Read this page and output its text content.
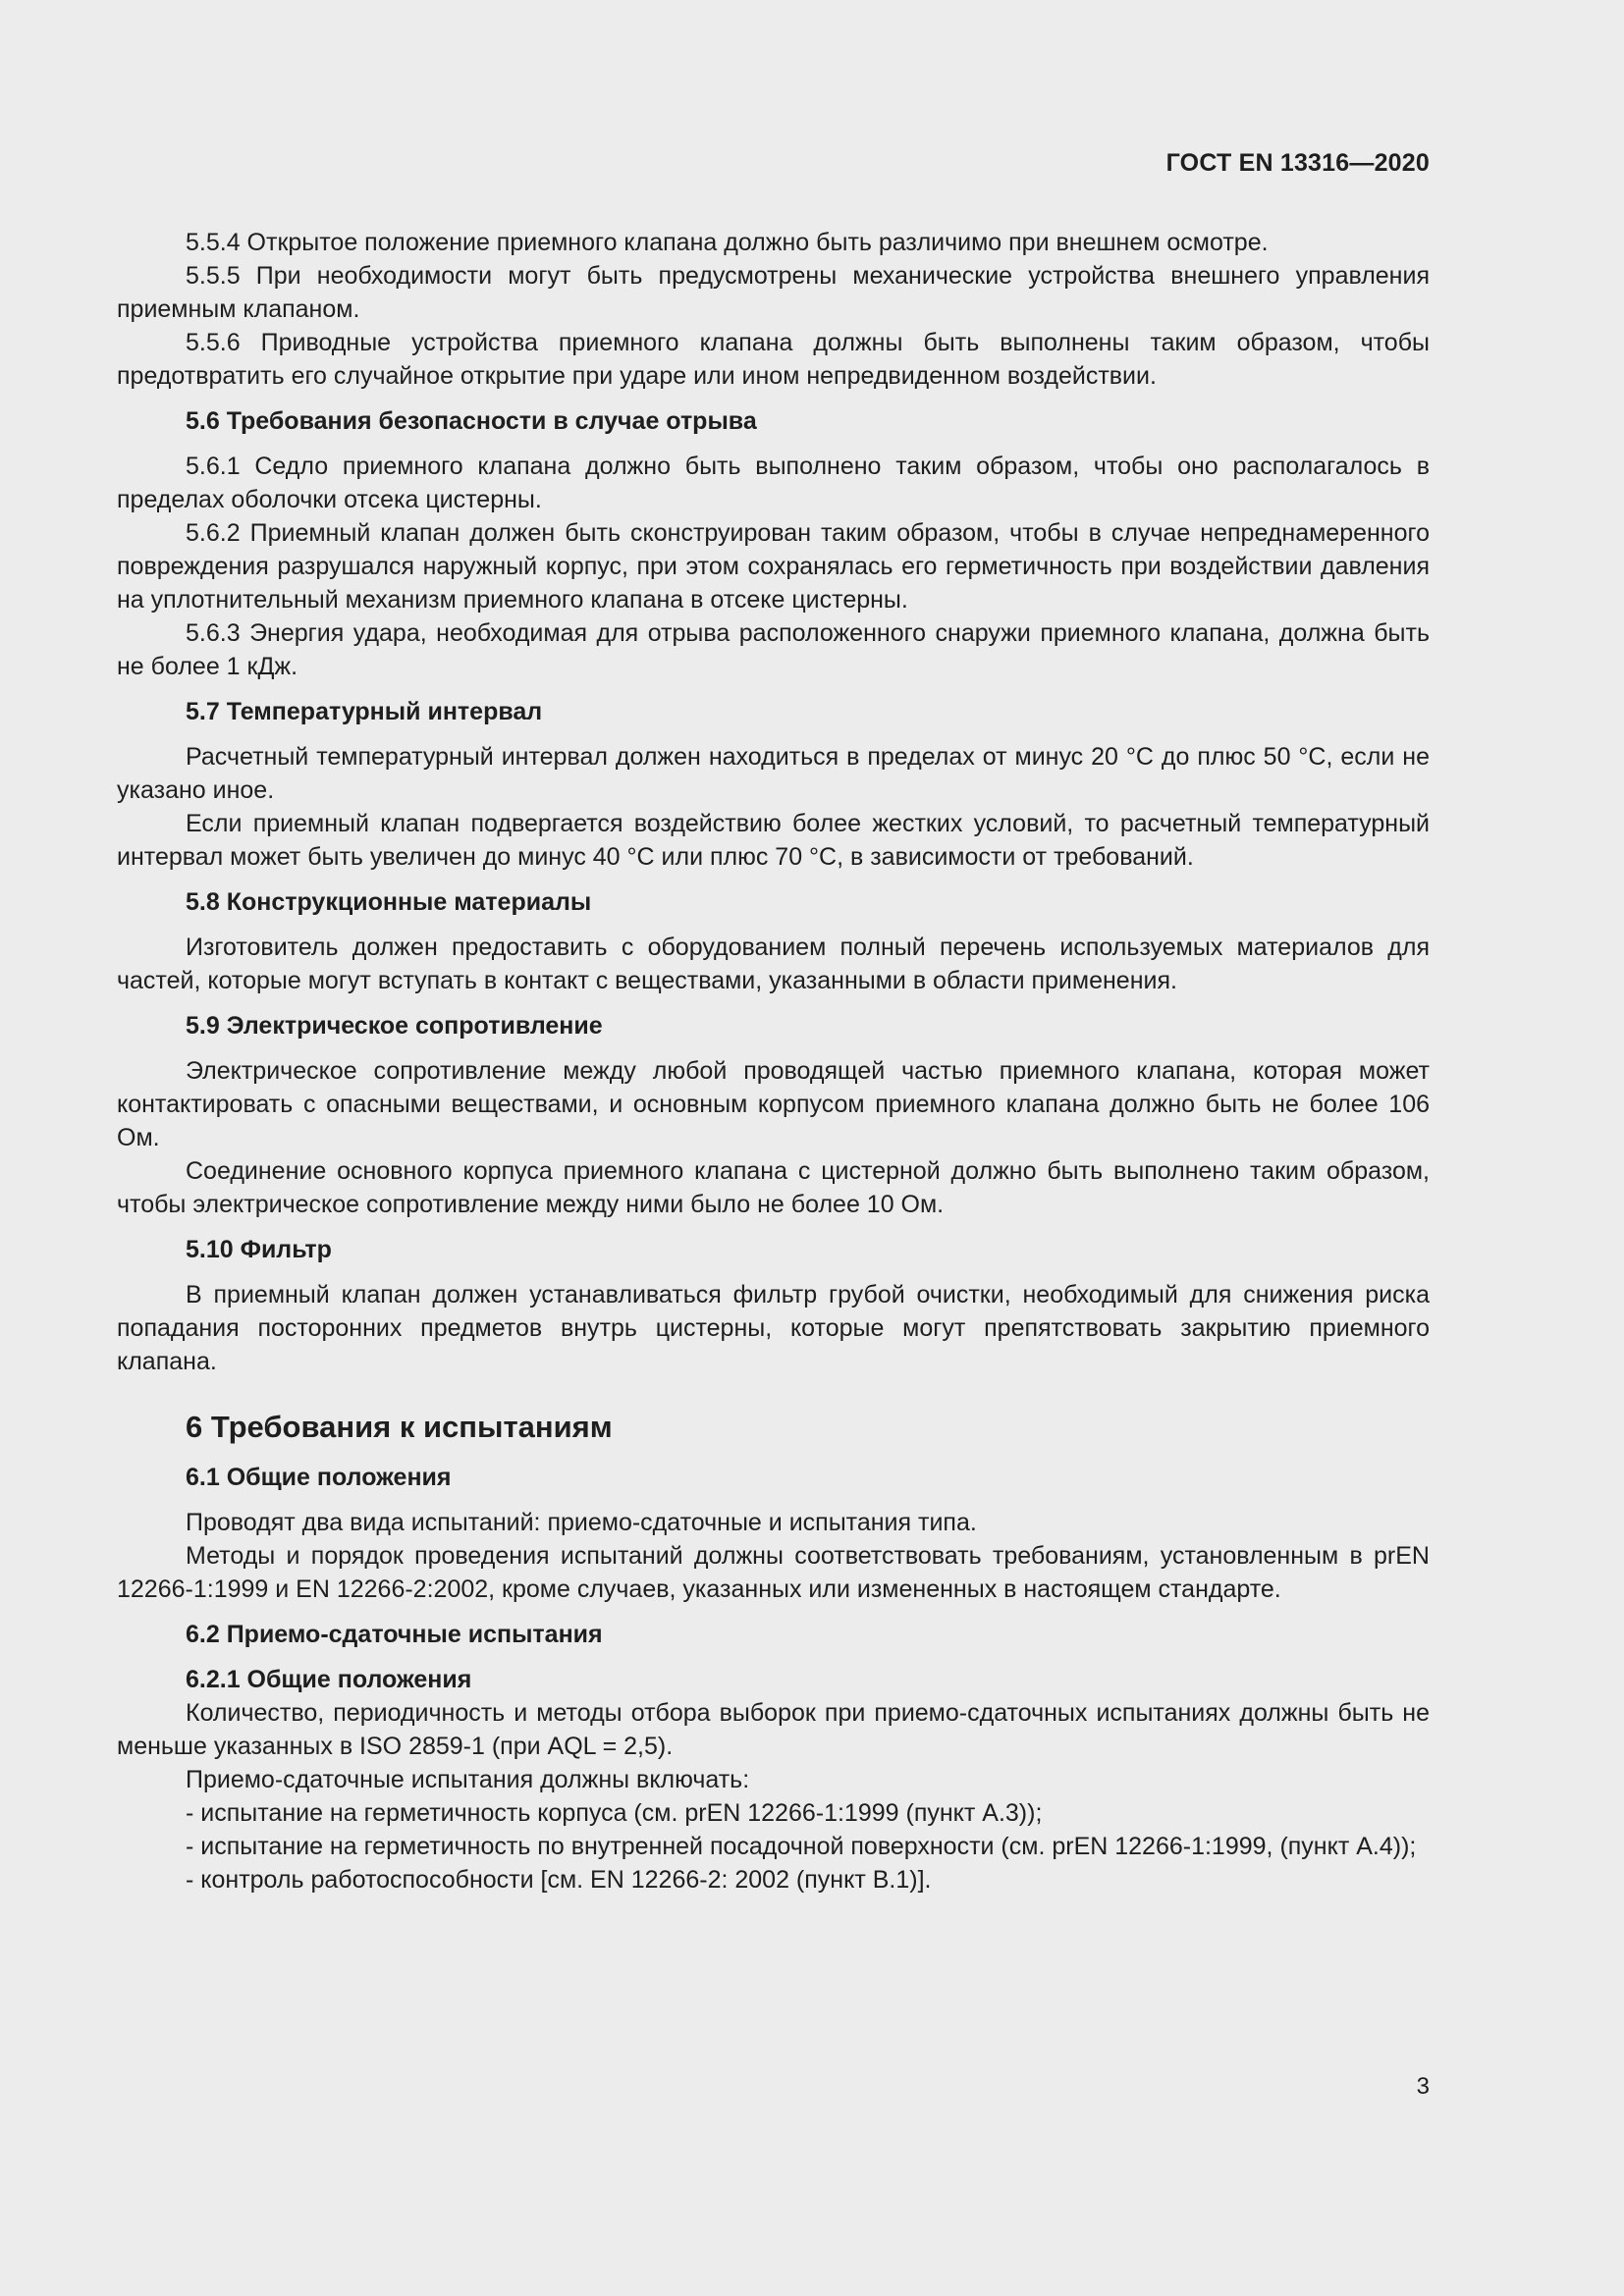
ГОСТ EN 13316—2020

5.5.4 Открытое положение приемного клапана должно быть различимо при внешнем осмотре.

5.5.5 При необходимости могут быть предусмотрены механические устройства внешнего управления приемным клапаном.

5.5.6 Приводные устройства приемного клапана должны быть выполнены таким образом, чтобы предотвратить его случайное открытие при ударе или ином непредвиденном воздействии.

5.6 Требования безопасности в случае отрыва

5.6.1 Седло приемного клапана должно быть выполнено таким образом, чтобы оно располагалось в пределах оболочки отсека цистерны.

5.6.2 Приемный клапан должен быть сконструирован таким образом, чтобы в случае непреднамеренного повреждения разрушался наружный корпус, при этом сохранялась его герметичность при воздействии давления на уплотнительный механизм приемного клапана в отсеке цистерны.

5.6.3 Энергия удара, необходимая для отрыва расположенного снаружи приемного клапана, должна быть не более 1 кДж.

5.7 Температурный интервал

Расчетный температурный интервал должен находиться в пределах от минус 20 °С до плюс 50 °С, если не указано иное.

Если приемный клапан подвергается воздействию более жестких условий, то расчетный температурный интервал может быть увеличен до минус 40 °С или плюс 70 °С, в зависимости от требований.

5.8 Конструкционные материалы

Изготовитель должен предоставить с оборудованием полный перечень используемых материалов для частей, которые могут вступать в контакт с веществами, указанными в области применения.

5.9 Электрическое сопротивление

Электрическое сопротивление между любой проводящей частью приемного клапана, которая может контактировать с опасными веществами, и основным корпусом приемного клапана должно быть не более 106 Ом.

Соединение основного корпуса приемного клапана с цистерной должно быть выполнено таким образом, чтобы электрическое сопротивление между ними было не более 10 Ом.

5.10 Фильтр

В приемный клапан должен устанавливаться фильтр грубой очистки, необходимый для снижения риска попадания посторонних предметов внутрь цистерны, которые могут препятствовать закрытию приемного клапана.

6 Требования к испытаниям

6.1 Общие положения

Проводят два вида испытаний: приемо-сдаточные и испытания типа.

Методы и порядок проведения испытаний должны соответствовать требованиям, установленным в prEN 12266-1:1999 и EN 12266-2:2002, кроме случаев, указанных или измененных в настоящем стандарте.

6.2 Приемо-сдаточные испытания

6.2.1 Общие положения

Количество, периодичность и методы отбора выборок при приемо-сдаточных испытаниях должны быть не меньше указанных в ISO 2859-1 (при AQL = 2,5).

Приемо-сдаточные испытания должны включать:

- испытание на герметичность корпуса (см. prEN 12266-1:1999 (пункт А.3));

- испытание на герметичность по внутренней посадочной поверхности (см. prEN 12266-1:1999, (пункт А.4));

- контроль работоспособности [см. EN 12266-2: 2002 (пункт В.1)].

3
